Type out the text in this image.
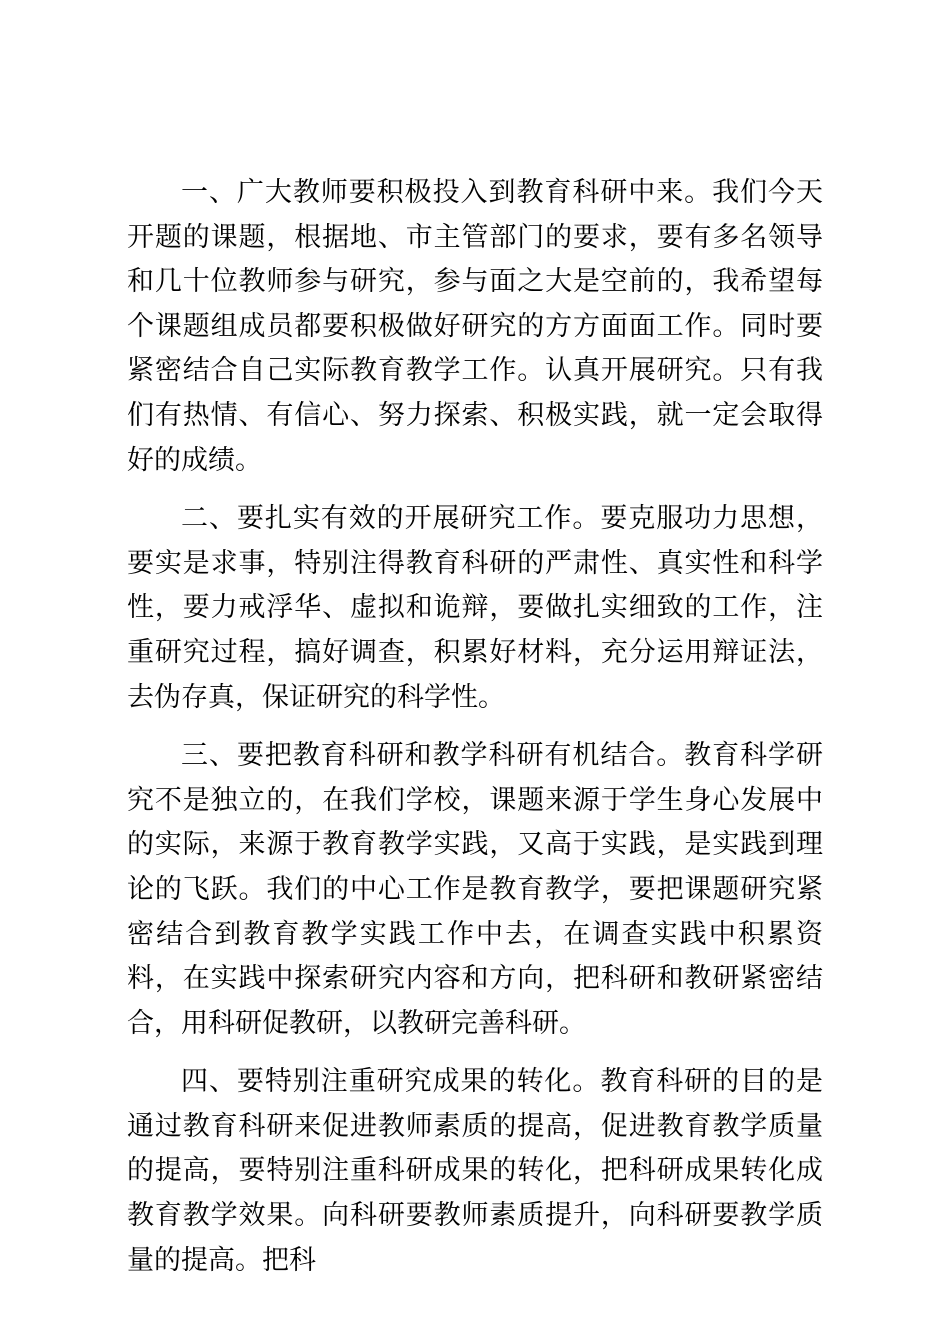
一、广大教师要积极投入到教育科研中来。我们今天开题的课题，根据地、市主管部门的要求，要有多名领导和几十位教师参与研究，参与面之大是空前的，我希望每个课题组成员都要积极做好研究的方方面面工作。同时要紧密结合自己实际教育教学工作。认真开展研究。只有我们有热情、有信心、努力探索、积极实践，就一定会取得好的成绩。

二、要扎实有效的开展研究工作。要克服功力思想，要实是求事，特别注得教育科研的严肃性、真实性和科学性，要力戒浮华、虚拟和诡辩，要做扎实细致的工作，注重研究过程，搞好调查，积累好材料，充分运用辩证法，去伪存真，保证研究的科学性。

三、要把教育科研和教学科研有机结合。教育科学研究不是独立的，在我们学校，课题来源于学生身心发展中的实际，来源于教育教学实践，又高于实践，是实践到理论的飞跃。我们的中心工作是教育教学，要把课题研究紧密结合到教育教学实践工作中去，在调查实践中积累资料，在实践中探索研究内容和方向，把科研和教研紧密结合，用科研促教研，以教研完善科研。

四、要特别注重研究成果的转化。教育科研的目的是通过教育科研来促进教师素质的提高，促进教育教学质量的提高，要特别注重科研成果的转化，把科研成果转化成教育教学效果。向科研要教师素质提升，向科研要教学质量的提高。把科
